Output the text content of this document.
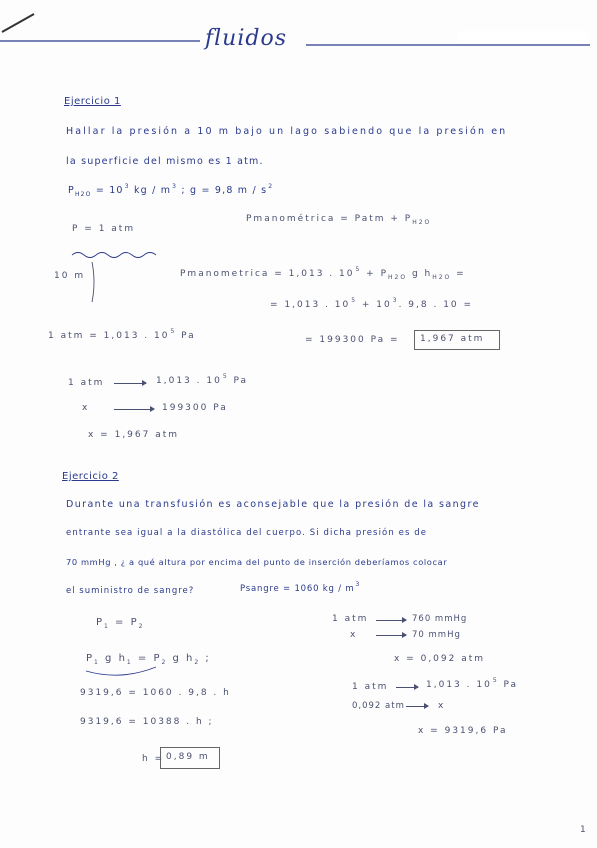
fluidos
Ejercicio 1
Hallar la presión a 10 m bajo un lago sabiendo que la presión en
la superficie del mismo es 1 atm.
$P_{H2O} = 10^3$ kg / $m^3$ ; g = 9,8 m / $s^2$
P = 1 atm
Pmanométrica = Patm + $P_{H2O}$
10 m	Pmanometrica = 1,013 . $10^5 + P_{H2O}$ g $h_{H2O}$ =
= 1,013 . $10^5 + 10^3$. 9,8 . 10 =
1 atm = 1,013 . $10^5$ Pa	= 199300 Pa = 1,967 atm
1 atm	1,013 . $10^5$ Pa
x	199300 Pa
x = 1,967 atm
Ejercicio 2
Durante una transfusión es aconsejable que la presión de la sangre
entrante sea igual a la diastólica del cuerpo. Si dicha presión es de
70 mmHg , ¿ a qué altura por encima del punto de inserción deberíamos colocar
el suministro de sangre?	Psangre = 1060 kg / $m^3$
$P_1 = P_2$
$P_1$ g $h_1 = P_2$ g $h_2$ ;
9319,6 = 1060 . 9,8 . h
9319,6 = 10388 . h ;
h = 0,89 m
1 atm	760 mmHg
x	70 mmHg
x = 0,092 atm
1 atm	1,013 . $10^5$ Pa
0,092 atm	x
x = 9319,6 Pa
1
